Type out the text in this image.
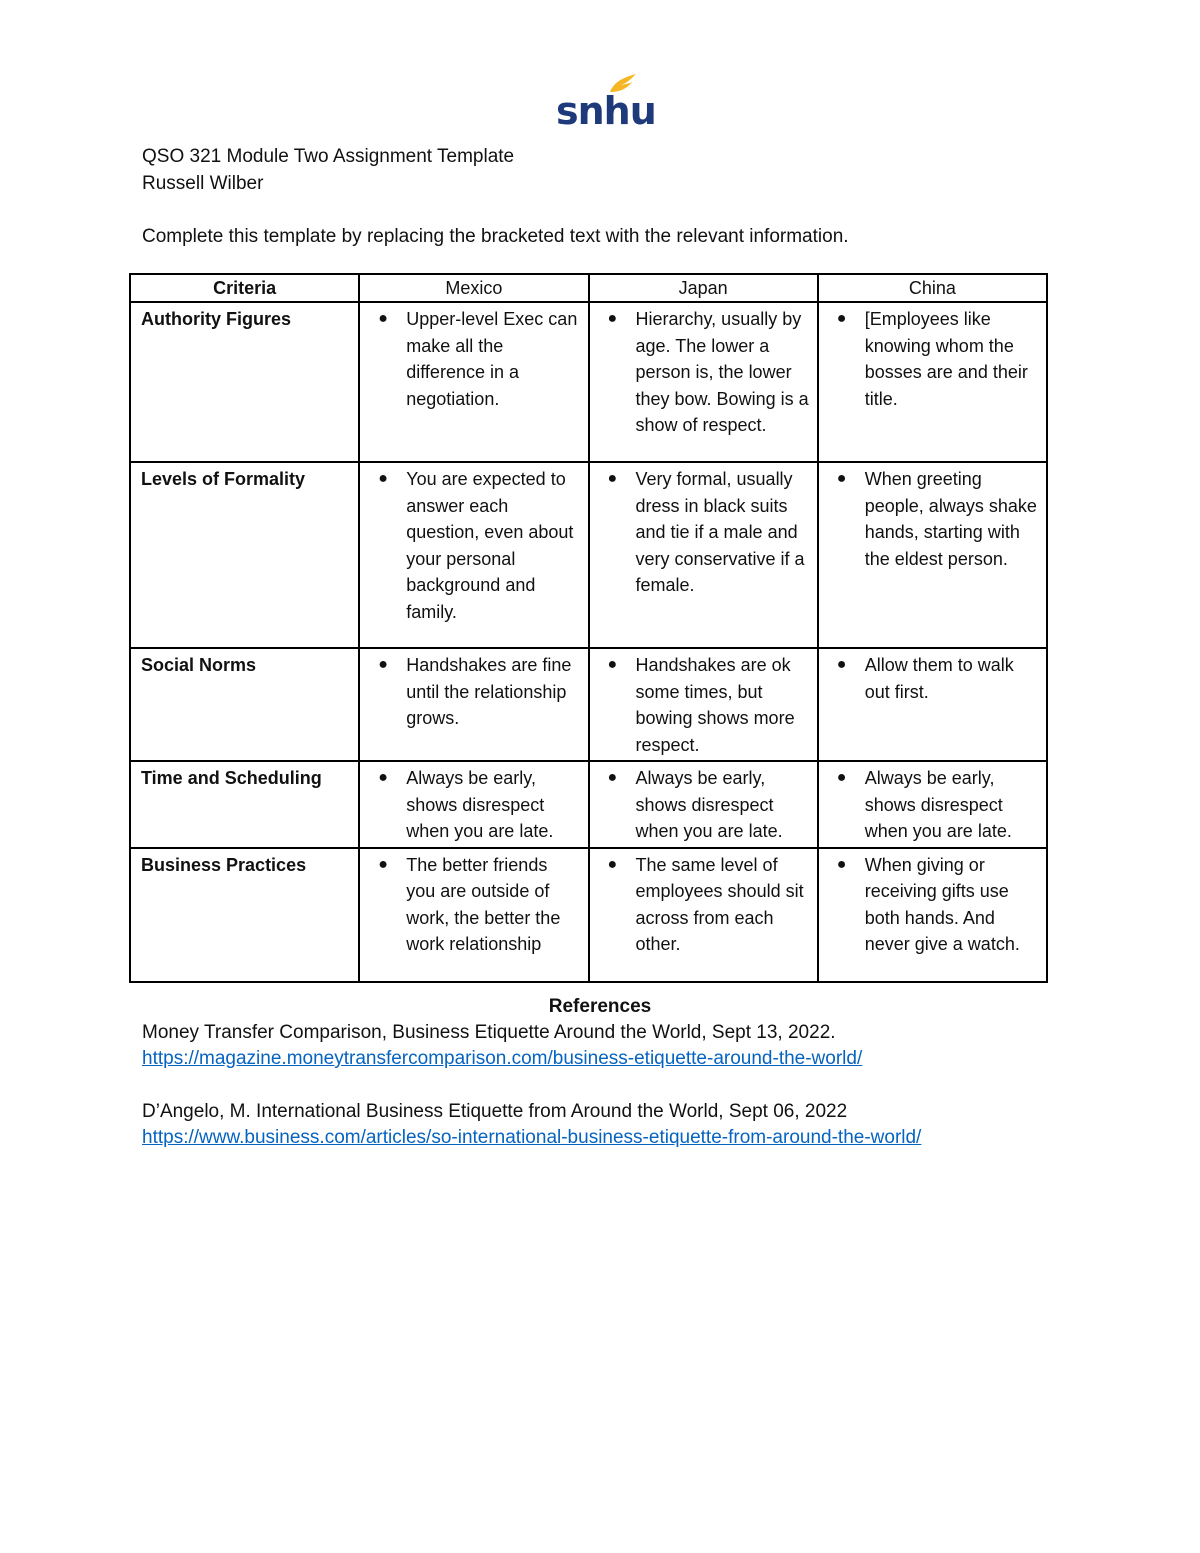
snhu
QSO 321 Module Two Assignment Template
Russell Wilber
Complete this template by replacing the bracketed text with the relevant information.
Criteria	Mexico	Japan	China
Authority Figures	● Upper-level Exec can make all the difference in a negotiation.	● Hierarchy, usually by age. The lower a person is, the lower they bow. Bowing is a show of respect.	● [Employees like knowing whom the bosses are and their title.

Levels of Formality	● You are expected to answer each question, even about your personal background and family.	● Very formal, usually dress in black suits and tie if a male and very conservative if a female.	● When greeting people, always shake hands, starting with the eldest person.

Social Norms	● Handshakes are fine until the relationship grows.	● Handshakes are ok some times, but bowing shows more respect.	● Allow them to walk out first.

Time and Scheduling	● Always be early, shows disrespect when you are late.	● Always be early, shows disrespect when you are late.	● Always be early, shows disrespect when you are late.

Business Practices	● The better friends you are outside of work, the better the work relationship	● The same level of employees should sit across from each other.	● When giving or receiving gifts use both hands. And never give a watch.
References
Money Transfer Comparison, Business Etiquette Around the World, Sept 13, 2022.
https://magazine.moneytransfercomparison.com/business-etiquette-around-the-world/
D’Angelo, M. International Business Etiquette from Around the World, Sept 06, 2022
https://www.business.com/articles/so-international-business-etiquette-from-around-the-world/
